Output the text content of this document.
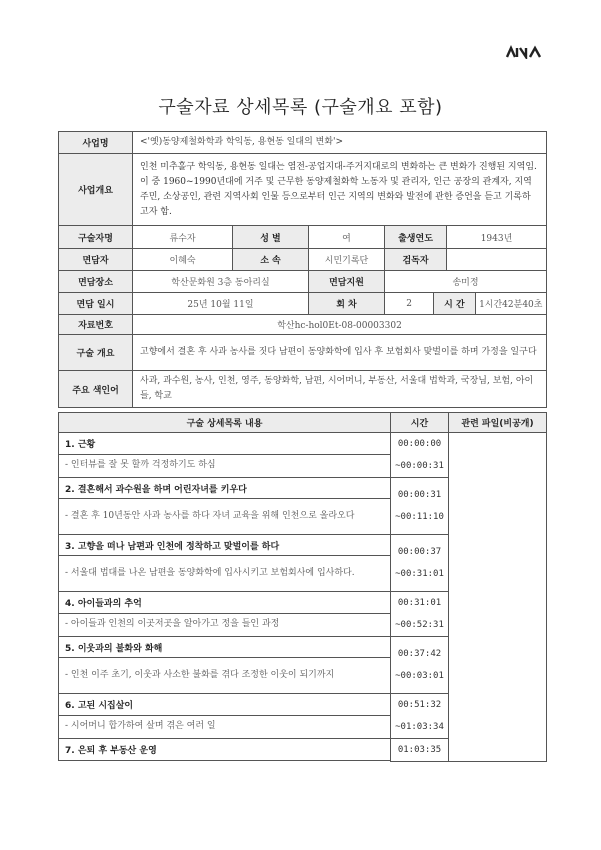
구술자료 상세목록 (구술개요 포함)
사업명	<'옛)동양제철화학과 학익동, 용현동 일대의 변화'>
사업개요	인천 미추홀구 학익동, 용현동 일대는 염전-공업지대-주거지대로의 변화하는 큰 변화가 진행된 지역임. 이 중 1960~1990년대에 거주 및 근무한 동양제철화학 노동자 및 관리자, 인근 공장의 관계자, 지역주민, 소상공인, 관련 지역사회 인물 등으로부터 인근 지역의 변화와 발전에 관한 증언을 듣고 기록하고자 함.
구술자명	류수자	성 별	여	출생연도	1943년
면담자	이혜숙	소 속	시민기록단	검독자	
면담장소	학산문화원 3층 동아리실	면담지원	송미정
면담 일시	25년 10월 11일	회 차		2	시 간	1시간42분40초

자료번호	학산hc-hol0Et-08-00003302
구술 개요	고향에서 결혼 후 사과 농사를 짓다 남편이 동양화학에 입사 후 보험회사 맞벌이를 하며 가정을 일구다
주요 색인어	사과, 과수원, 농사, 인천, 영주, 동양화학, 남편, 시어머니, 부동산, 서울대 법학과, 국장님, 보험, 아이들, 학교
구술 상세목록 내용	시간	관련 파일(비공개)
1. 근황	00:00:00
~00:00:31	

- 인터뷰를 잘 못 할까 걱정하기도 하심		
2. 결혼해서 과수원을 하며 어린자녀를 키우다	00:00:31
~00:11:10	

- 결혼 후 10년동안 사과 농사를 하다 자녀 교육을 위해 인천으로 올라오다		
3. 고향을 떠나 남편과 인천에 정착하고 맞벌이를 하다	00:00:37
~00:31:01	

- 서울대 법대를 나온 남편을 동양화학에 입사시키고 보험회사에 입사하다.		
4. 아이들과의 추억	00:31:01
~00:52:31	

- 아이들과 인천의 이곳저곳을 알아가고 정을 들인 과정		
5. 이웃과의 불화와 화해	00:37:42
~00:03:01	

- 인천 이주 초기, 이웃과 사소한 불화를 겪다 조정한 이웃이 되기까지		
6. 고된 시집살이	00:51:32
~01:03:34	

- 시어머니 합가하여 살며 겪은 여러 일		
7. 은퇴 후 부동산 운영	01:03:35	
